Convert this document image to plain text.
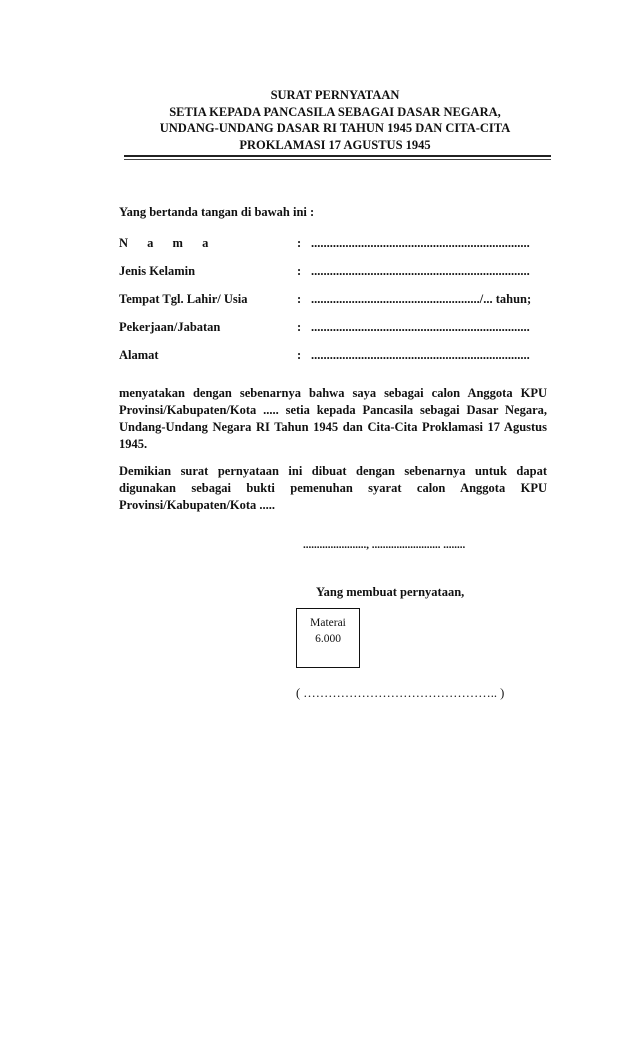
SURAT PERNYATAAN
SETIA KEPADA PANCASILA SEBAGAI DASAR NEGARA,
UNDANG-UNDANG DASAR RI TAHUN 1945 DAN CITA-CITA
PROKLAMASI 17 AGUSTUS 1945
Yang bertanda tangan di bawah ini :
N a m a	: ......................................................................
Jenis Kelamin	: ......................................................................
Tempat Tgl. Lahir/ Usia	: ....................................................../... tahun;
Pekerjaan/Jabatan	: ......................................................................
Alamat	: ......................................................................
menyatakan dengan sebenarnya bahwa saya sebagai calon Anggota KPU Provinsi/Kabupaten/Kota ..... setia kepada Pancasila sebagai Dasar Negara, Undang-Undang Negara RI Tahun 1945 dan Cita-Cita Proklamasi 17 Agustus 1945.
Demikian surat pernyataan ini dibuat dengan sebenarnya untuk dapat digunakan sebagai bukti pemenuhan syarat calon Anggota KPU Provinsi/Kabupaten/Kota .....
......................., ......................... ........
Yang membuat pernyataan,
Materai
6.000
( ……………………………………….. )
